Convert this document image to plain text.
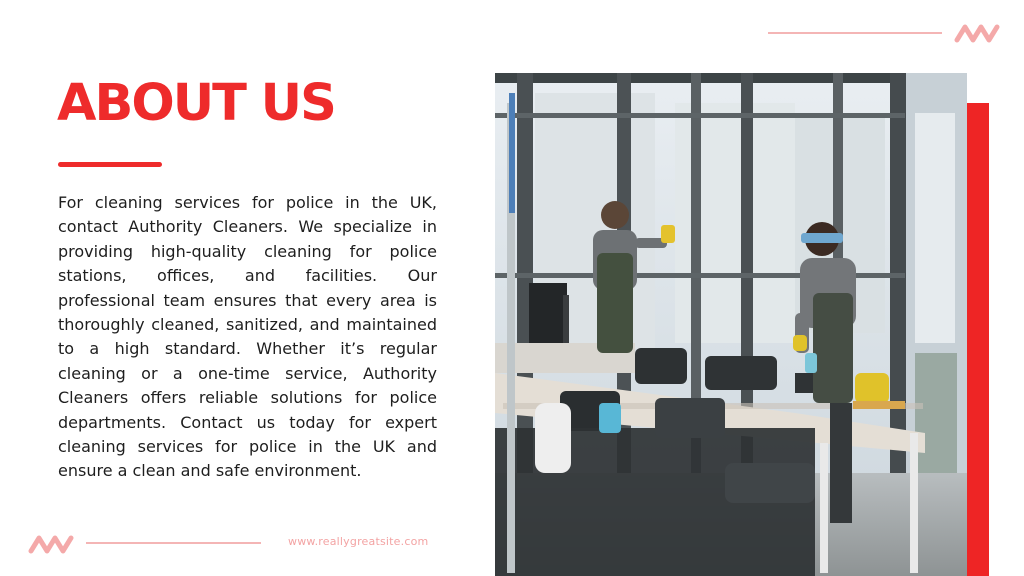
ABOUT US

For cleaning services for police in the UK, contact Authority Cleaners. We specialize in providing high-quality cleaning for police stations, offices, and facilities. Our professional team ensures that every area is thoroughly cleaned, sanitized, and maintained to a high standard. Whether it’s regular cleaning or a one-time service, Authority Cleaners offers reliable solutions for police departments. Contact us today for expert cleaning services for police in the UK and ensure a clean and safe environment.

www.reallygreatsite.com
